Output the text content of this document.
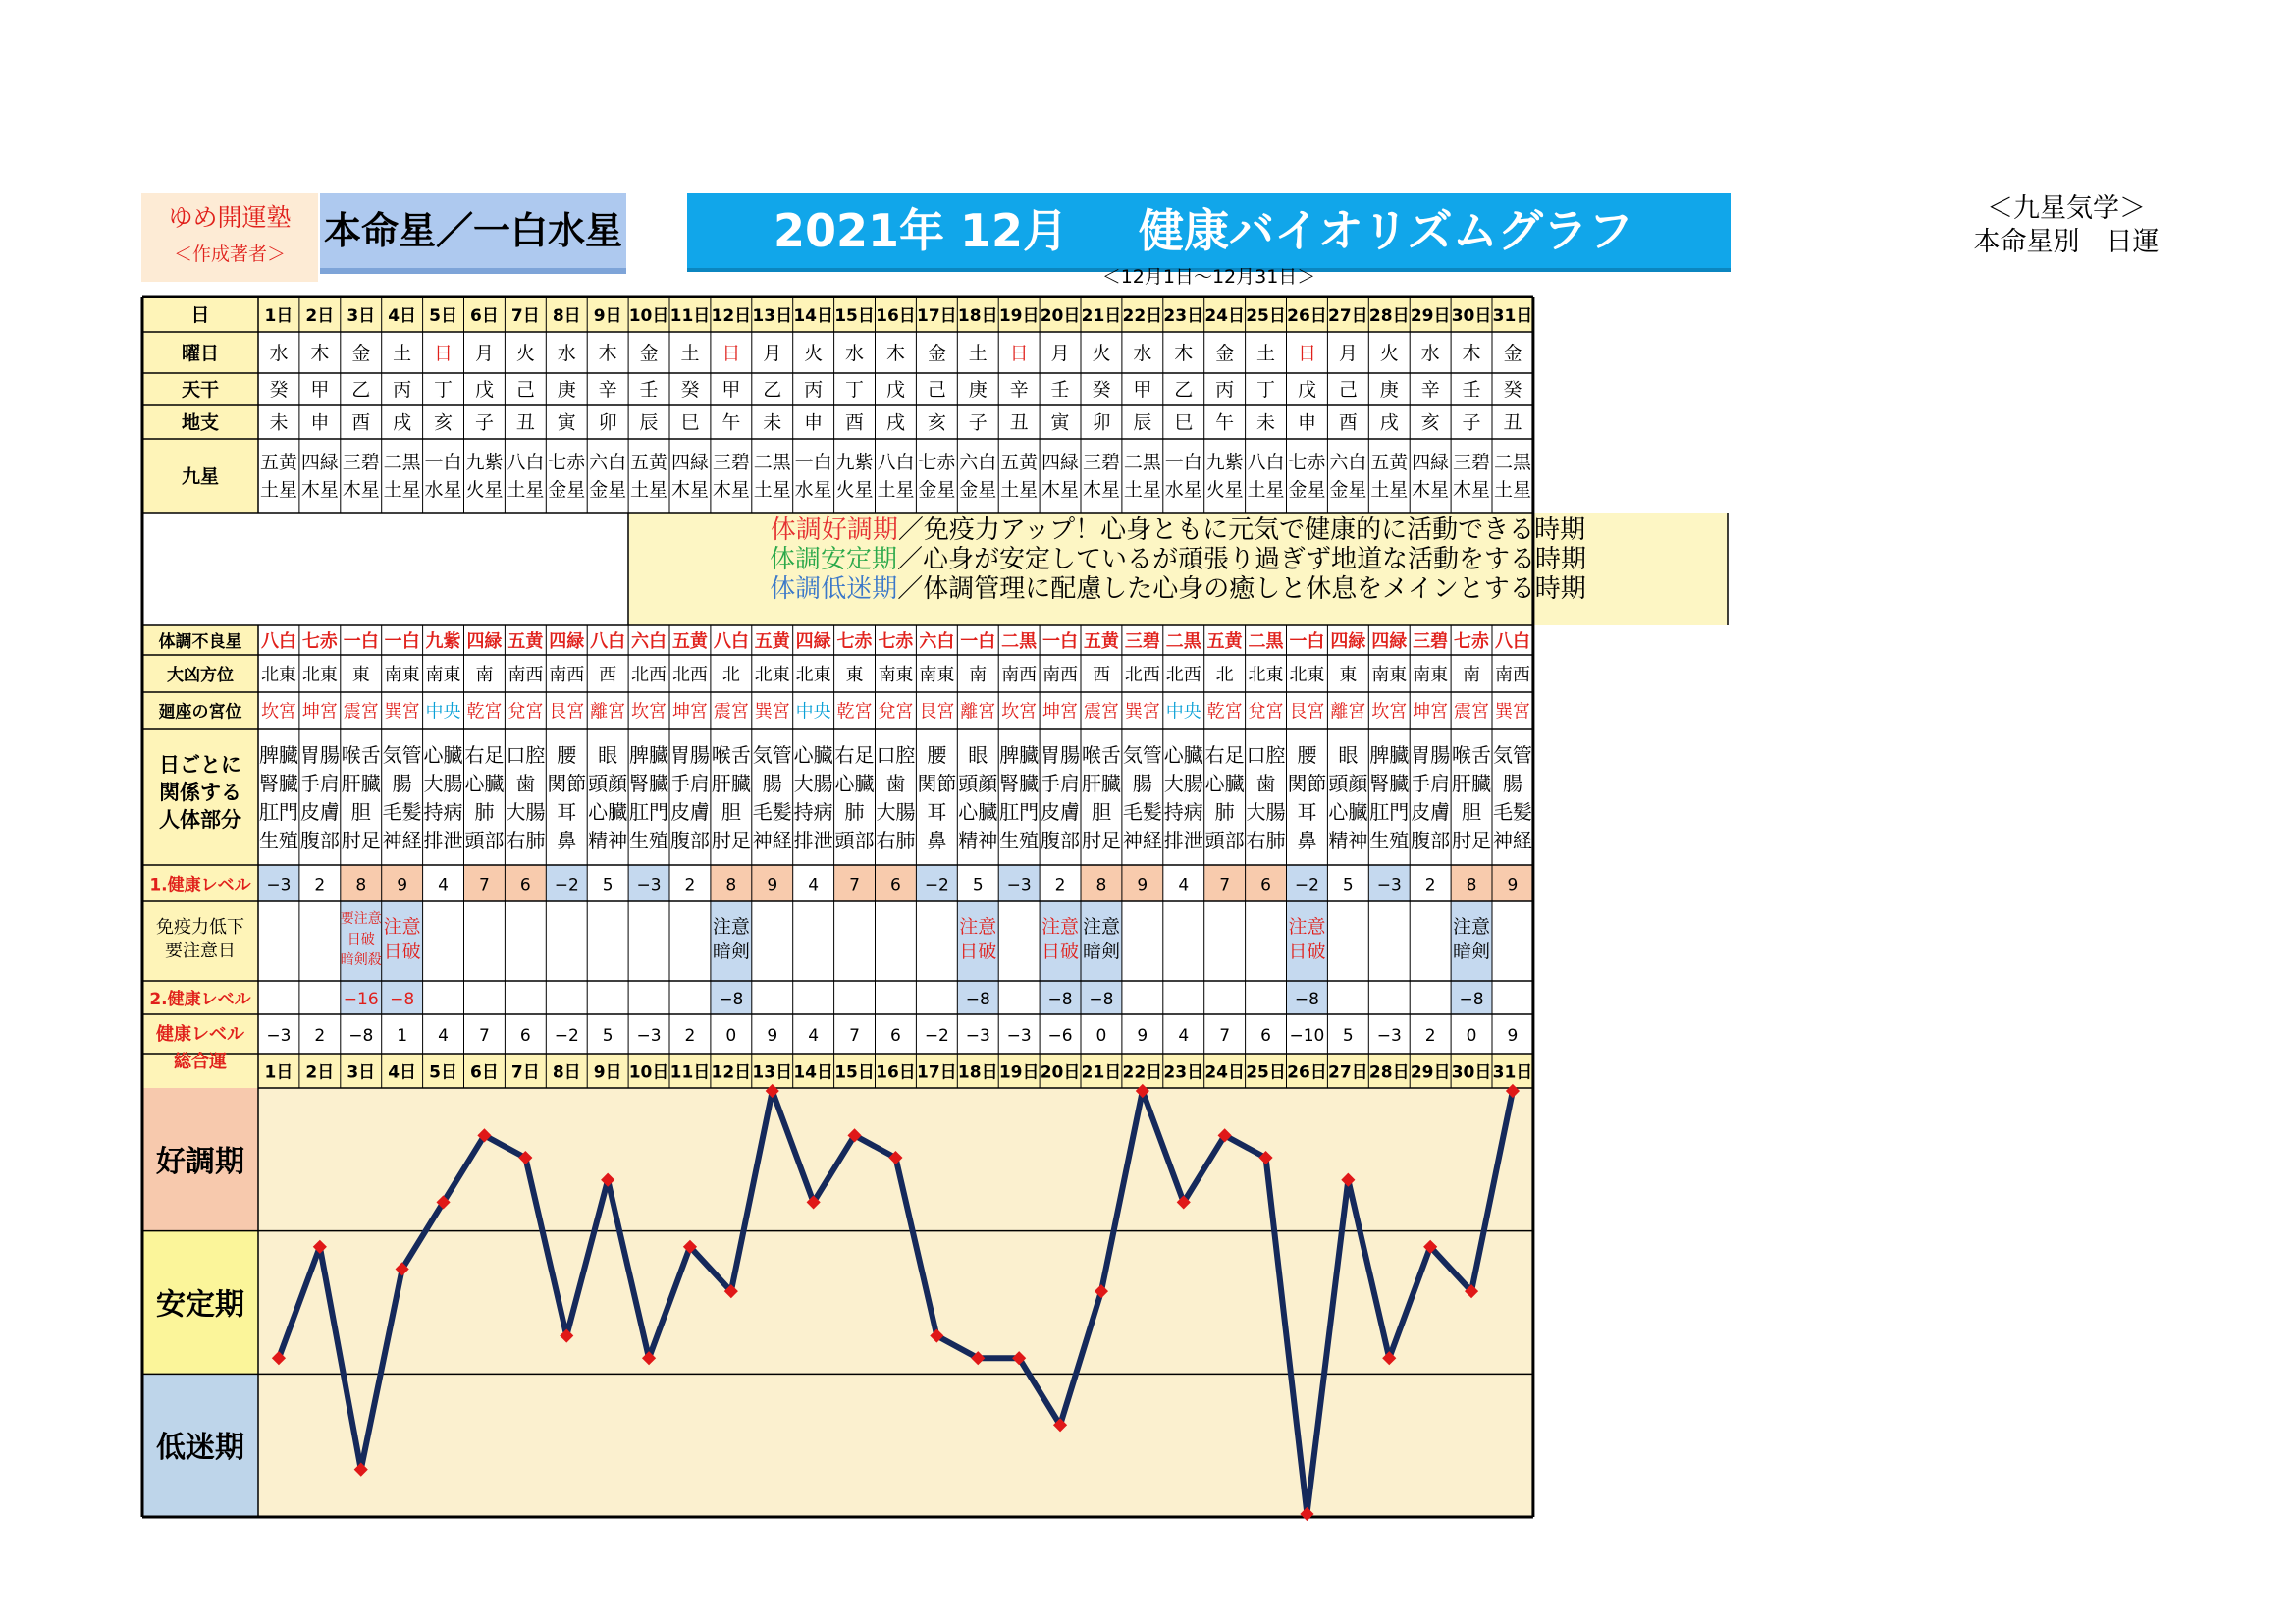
ゆめ開運塾
＜作成著者＞
本命星／一白水星	2021年 12月 健康バイオリズムグラフ
＜12月1日～12月31日＞
＜九星気学＞
本命星別　日運
日
曜日
天干
地支
九星
体調不良星
大凶方位
廻座の宮位
日ごとに
関係する
人体部分
1.健康レベル
免疫力低下
要注意日
2.健康レベル
健康レベル
総合運
好調期
安定期
低迷期
1日
水
癸
未
五黄
土星
八白
北東
坎宮
脾臓
腎臓
肛門
生殖
−3
−3
1日
2日
木
甲
申
四緑
木星
七赤
北東
坤宮
胃腸
手肩
皮膚
腹部
2
2
2日
3日
金
乙
酉
三碧
木星
一白
東
震宮
喉舌
肝臓
胆
肘足
8
要注意
日破
暗剣殺
−16
−8
3日
4日
土
丙
戌
二黒
土星
一白
南東
巽宮
気管
腸
毛髪
神経
9
注意
日破
−8
1
4日
5日
日
丁
亥
一白
水星
九紫
南東
中央
心臓
大腸
持病
排泄
4
4
5日
6日
月
戊
子
九紫
火星
四緑
南
乾宮
右足
心臓
肺
頭部
7
7
6日
7日
火
己
丑
八白
土星
五黄
南西
兌宮
口腔
歯
大腸
右肺
6
6
7日
8日
水
庚
寅
七赤
金星
四緑
南西
艮宮
腰
関節
耳
鼻
−2
−2
8日
9日
木
辛
卯
六白
金星
八白
西
離宮
眼
頭顔
心臓
精神
5
5
9日
10日
金
壬
辰
五黄
土星
六白
北西
坎宮
脾臓
腎臓
肛門
生殖
−3
−3
10日
11日
土
癸
巳
四緑
木星
五黄
北西
坤宮
胃腸
手肩
皮膚
腹部
2
2
11日
12日
日
甲
午
三碧
木星
八白
北
震宮
喉舌
肝臓
胆
肘足
8
注意
暗剣
−8
0
12日
13日
月
乙
未
二黒
土星
五黄
北東
巽宮
気管
腸
毛髪
神経
9
9
13日
14日
火
丙
申
一白
水星
四緑
北東
中央
心臓
大腸
持病
排泄
4
4
14日
15日
水
丁
酉
九紫
火星
七赤
東
乾宮
右足
心臓
肺
頭部
7
7
15日
16日
木
戊
戌
八白
土星
七赤
南東
兌宮
口腔
歯
大腸
右肺
6
6
16日
17日
金
己
亥
七赤
金星
六白
南東
艮宮
腰
関節
耳
鼻
−2
−2
17日
18日
土
庚
子
六白
金星
一白
南
離宮
眼
頭顔
心臓
精神
5
注意
日破
−8
−3
18日
19日
日
辛
丑
五黄
土星
二黒
南西
坎宮
脾臓
腎臓
肛門
生殖
−3
−3
19日
20日
月
壬
寅
四緑
木星
一白
南西
坤宮
胃腸
手肩
皮膚
腹部
2
注意
日破
−8
−6
20日
21日
火
癸
卯
三碧
木星
五黄
西
震宮
喉舌
肝臓
胆
肘足
8
注意
暗剣
−8
0
21日
22日
水
甲
辰
二黒
土星
三碧
北西
巽宮
気管
腸
毛髪
神経
9
9
22日
23日
木
乙
巳
一白
水星
二黒
北西
中央
心臓
大腸
持病
排泄
4
4
23日
24日
金
丙
午
九紫
火星
五黄
北
乾宮
右足
心臓
肺
頭部
7
7
24日
25日
土
丁
未
八白
土星
二黒
北東
兌宮
口腔
歯
大腸
右肺
6
6
25日
26日
日
戊
申
七赤
金星
一白
北東
艮宮
腰
関節
耳
鼻
−2
注意
日破
−8
−10
26日
27日
月
己
酉
六白
金星
四緑
東
離宮
眼
頭顔
心臓
精神
5
5
27日
28日
火
庚
戌
五黄
土星
四緑
南東
坎宮
脾臓
腎臓
肛門
生殖
−3
−3
28日
29日
水
辛
亥
四緑
木星
三碧
南東
坤宮
胃腸
手肩
皮膚
腹部
2
2
29日
30日
木
壬
子
三碧
木星
七赤
南
震宮
喉舌
肝臓
胆
肘足
8
注意
暗剣
−8
0
30日
31日
金
癸
丑
二黒
土星
八白
南西
巽宮
気管
腸
毛髪
神経
9
9
31日
体調好調期／免疫力アップ！心身ともに元気で健康的に活動できる時期
体調安定期／心身が安定しているが頑張り過ぎず地道な活動をする時期
体調低迷期／体調管理に配慮した心身の癒しと休息をメインとする時期
